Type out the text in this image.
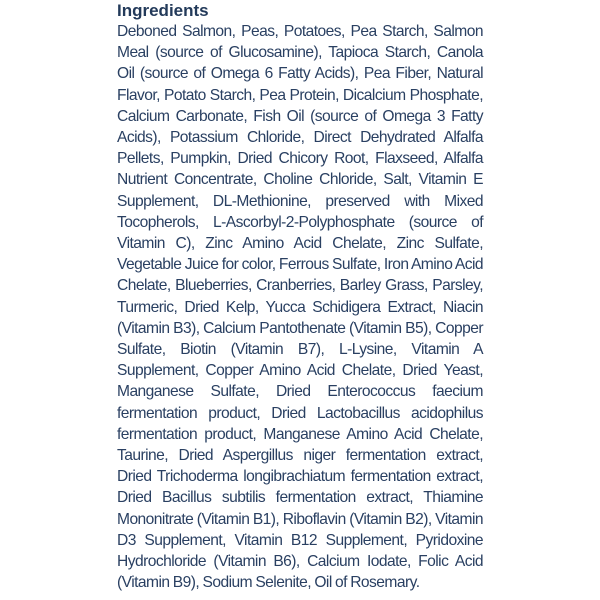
Ingredients

Deboned Salmon, Peas, Potatoes, Pea Starch, Salmon Meal (source of Glucosamine), Tapioca Starch, Canola Oil (source of Omega 6 Fatty Acids), Pea Fiber, Natural Flavor, Potato Starch, Pea Protein, Dicalcium Phosphate, Calcium Carbonate, Fish Oil (source of Omega 3 Fatty Acids), Potassium Chloride, Direct Dehydrated Alfalfa Pellets, Pumpkin, Dried Chicory Root, Flaxseed, Alfalfa Nutrient Concentrate, Choline Chloride, Salt, Vitamin E Supplement, DL-Methionine, preserved with Mixed Tocopherols, L-Ascorbyl-2-Polyphosphate (source of Vitamin C), Zinc Amino Acid Chelate, Zinc Sulfate, Vegetable Juice for color, Ferrous Sulfate, Iron Amino Acid Chelate, Blueberries, Cranberries, Barley Grass, Parsley, Turmeric, Dried Kelp, Yucca Schidigera Extract, Niacin (Vitamin B3), Calcium Pantothenate (Vitamin B5), Copper Sulfate, Biotin (Vitamin B7), L-Lysine, Vitamin A Supplement, Copper Amino Acid Chelate, Dried Yeast, Manganese Sulfate, Dried Enterococcus faecium fermentation product, Dried Lactobacillus acidophilus fermentation product, Manganese Amino Acid Chelate, Taurine, Dried Aspergillus niger fermentation extract, Dried Trichoderma longibrachiatum fermentation extract, Dried Bacillus subtilis fermentation extract, Thiamine Mononitrate (Vitamin B1), Riboflavin (Vitamin B2), Vitamin D3 Supplement, Vitamin B12 Supplement, Pyridoxine Hydrochloride (Vitamin B6), Calcium Iodate, Folic Acid (Vitamin B9), Sodium Selenite, Oil of Rosemary.
